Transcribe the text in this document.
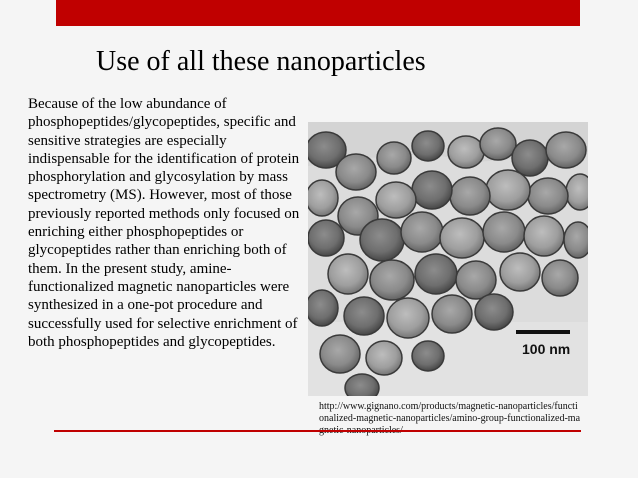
Use of all these nanoparticles
Because of the low abundance of phosphopeptides/glycopeptides, specific and sensitive strategies are especially indispensable for the identification of protein phosphorylation and glycosylation by mass spectrometry (MS). However, most of those previously reported methods only focused on enriching either phosphopeptides or glycopeptides rather than enriching both of them. In the present study, amine-functionalized magnetic nanoparticles were synthesized in a one-pot procedure and successfully used for selective enrichment of both phosphopeptides and glycopeptides.	100 nm
http://www.gignano.com/products/magnetic-nanoparticles/functionalized-magnetic-nanoparticles/amino-group-functionalized-ma
